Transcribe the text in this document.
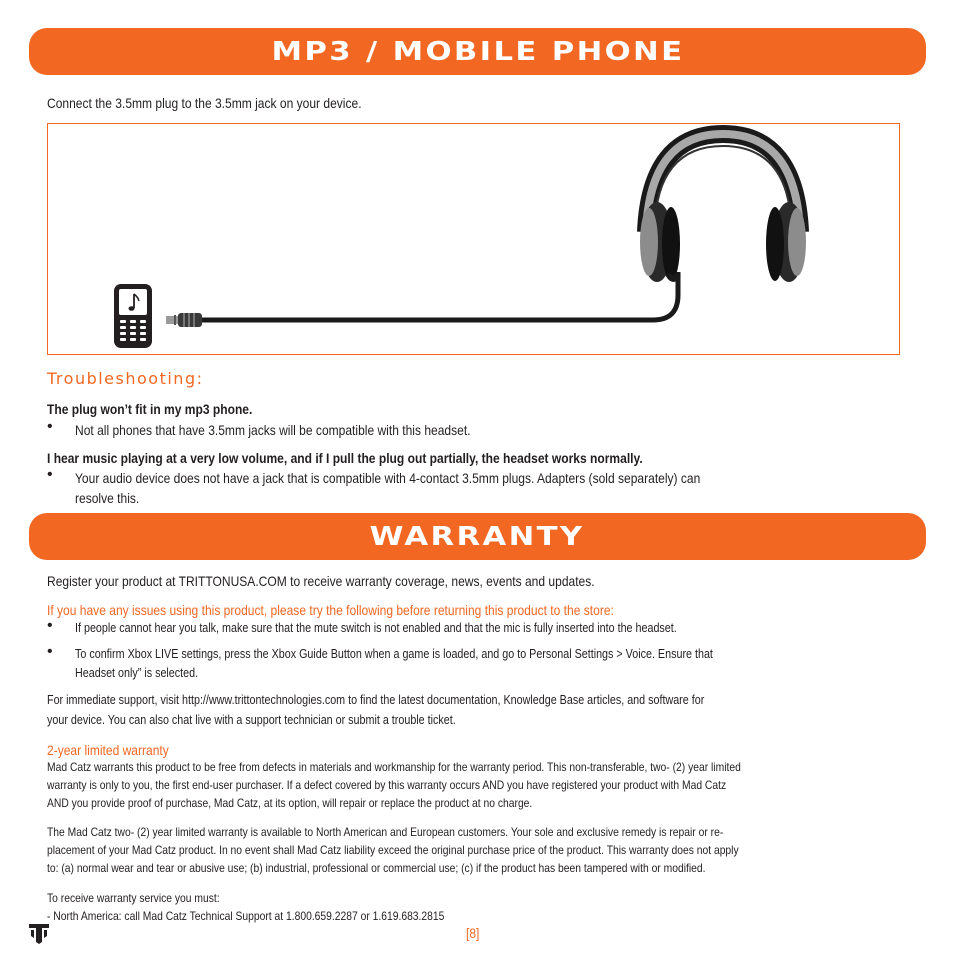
MP3 / MOBILE PHONE
Connect the 3.5mm plug to the 3.5mm jack on your device.
Troubleshooting:
The plug won’t fit in my mp3 phone.
• Not all phones that have 3.5mm jacks will be compatible with this headset.
I hear music playing at a very low volume, and if I pull the plug out partially, the headset works normally.
• Your audio device does not have a jack that is compatible with 4-contact 3.5mm plugs. Adapters (sold separately) can
resolve this.
WARRANTY
Register your product at TRITTONUSA.COM to receive warranty coverage, news, events and updates.
If you have any issues using this product, please try the following before returning this product to the store:
• If people cannot hear you talk, make sure that the mute switch is not enabled and that the mic is fully inserted into the headset.
• To confirm Xbox LIVE settings, press the Xbox Guide Button when a game is loaded, and go to Personal Settings > Voice. Ensure that
Headset only” is selected.
For immediate support, visit http://www.trittontechnologies.com to find the latest documentation, Knowledge Base articles, and software for
your device. You can also chat live with a support technician or submit a trouble ticket.
2-year limited warranty
Mad Catz warrants this product to be free from defects in materials and workmanship for the warranty period. This non-transferable, two- (2) year limited
warranty is only to you, the first end-user purchaser. If a defect covered by this warranty occurs AND you have registered your product with Mad Catz
AND you provide proof of purchase, Mad Catz, at its option, will repair or replace the product at no charge.
The Mad Catz two- (2) year limited warranty is available to North American and European customers. Your sole and exclusive remedy is repair or re-
placement of your Mad Catz product. In no event shall Mad Catz liability exceed the original purchase price of the product. This warranty does not apply
to: (a) normal wear and tear or abusive use; (b) industrial, professional or commercial use; (c) if the product has been tampered with or modified.
To receive warranty service you must:
- North America: call Mad Catz Technical Support at 1.800.659.2287 or 1.619.683.2815
[8]
